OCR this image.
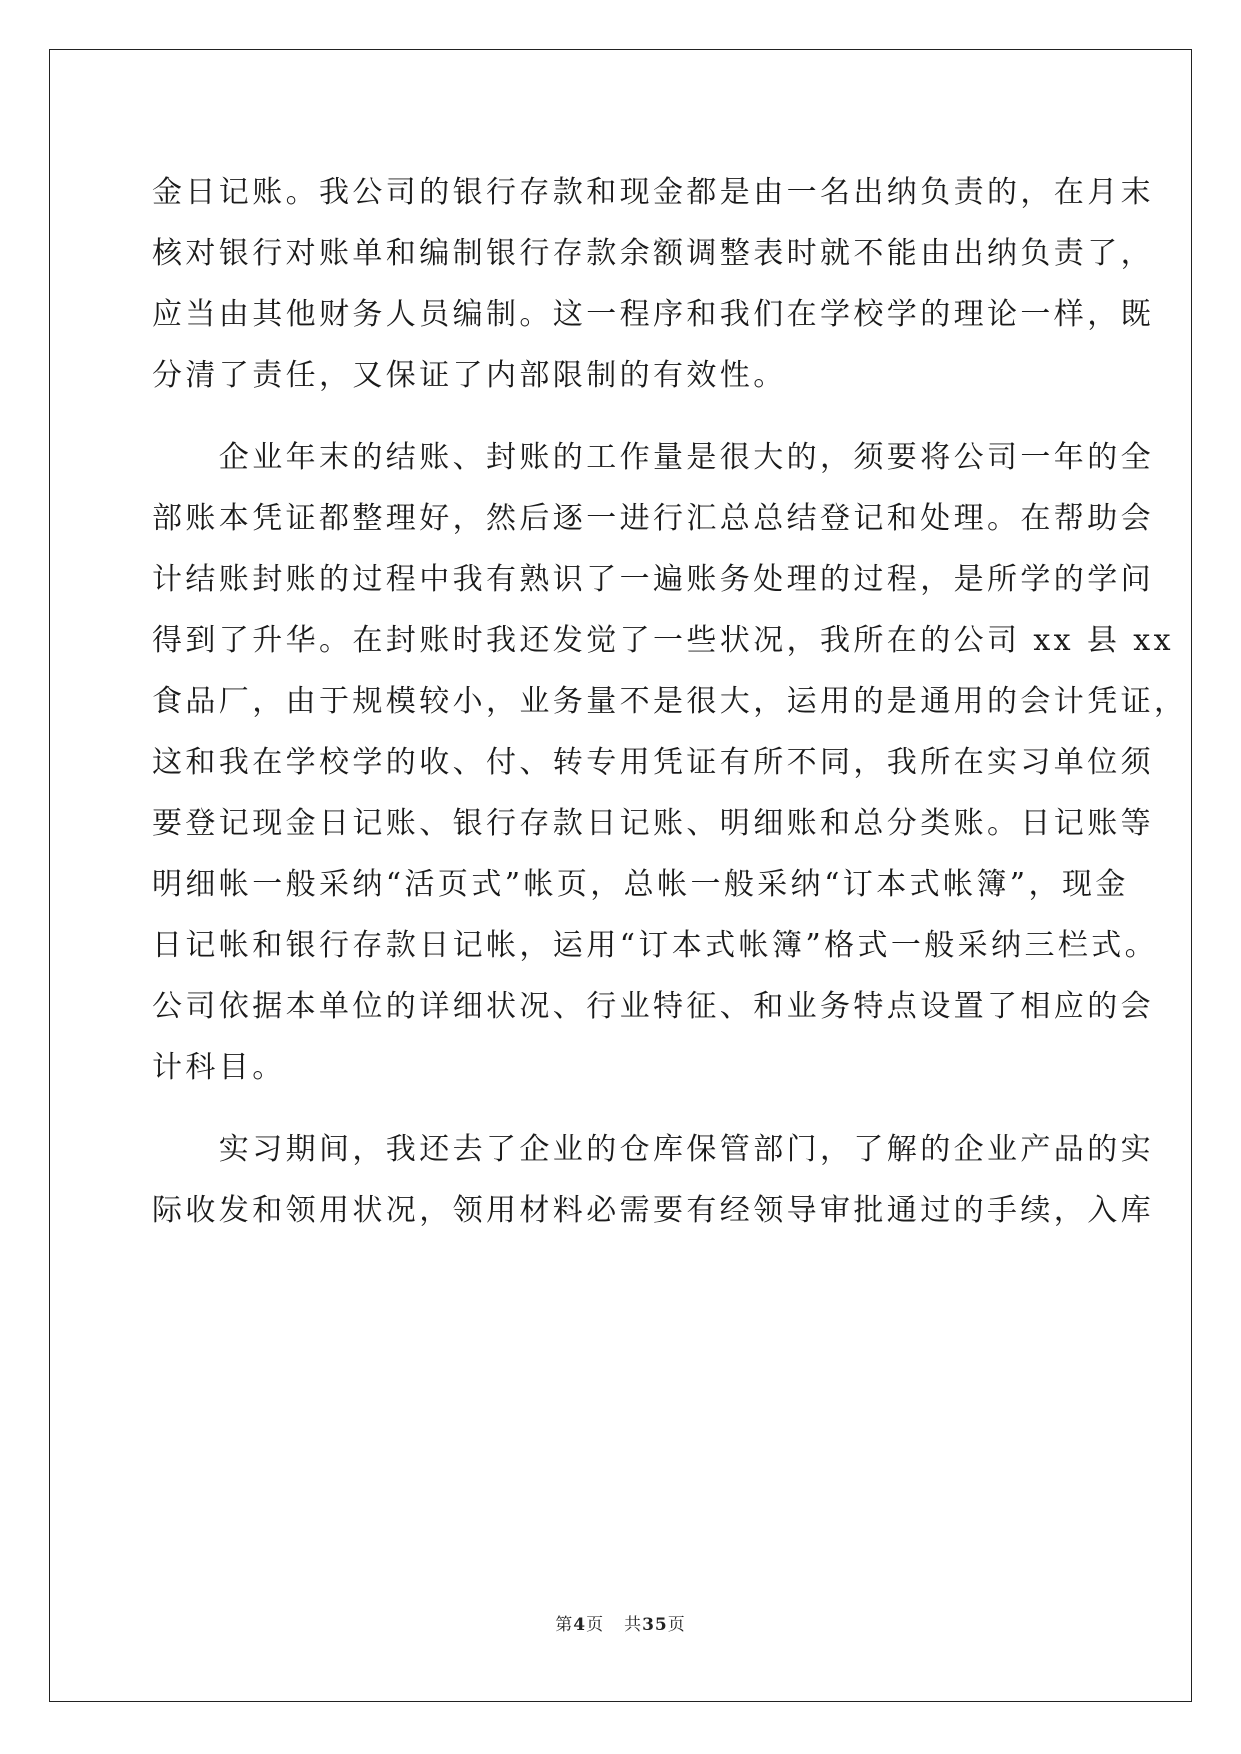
金日记账。我公司的银行存款和现金都是由一名出纳负责的，在月末
核对银行对账单和编制银行存款余额调整表时就不能由出纳负责了，
应当由其他财务人员编制。这一程序和我们在学校学的理论一样，既
分清了责任，又保证了内部限制的有效性。
　　企业年末的结账、封账的工作量是很大的，须要将公司一年的全
部账本凭证都整理好，然后逐一进行汇总总结登记和处理。在帮助会
计结账封账的过程中我有熟识了一遍账务处理的过程，是所学的学问
得到了升华。在封账时我还发觉了一些状况，我所在的公司 xx 县 xx
食品厂，由于规模较小，业务量不是很大，运用的是通用的会计凭证，
这和我在学校学的收、付、转专用凭证有所不同，我所在实习单位须
要登记现金日记账、银行存款日记账、明细账和总分类账。日记账等
明细帐一般采纳“活页式”帐页，总帐一般采纳“订本式帐簿”，现金
日记帐和银行存款日记帐，运用“订本式帐簿”格式一般采纳三栏式。
公司依据本单位的详细状况、行业特征、和业务特点设置了相应的会
计科目。
　　实习期间，我还去了企业的仓库保管部门，了解的企业产品的实
际收发和领用状况，领用材料必需要有经领导审批通过的手续，入库
第4页 共35页
